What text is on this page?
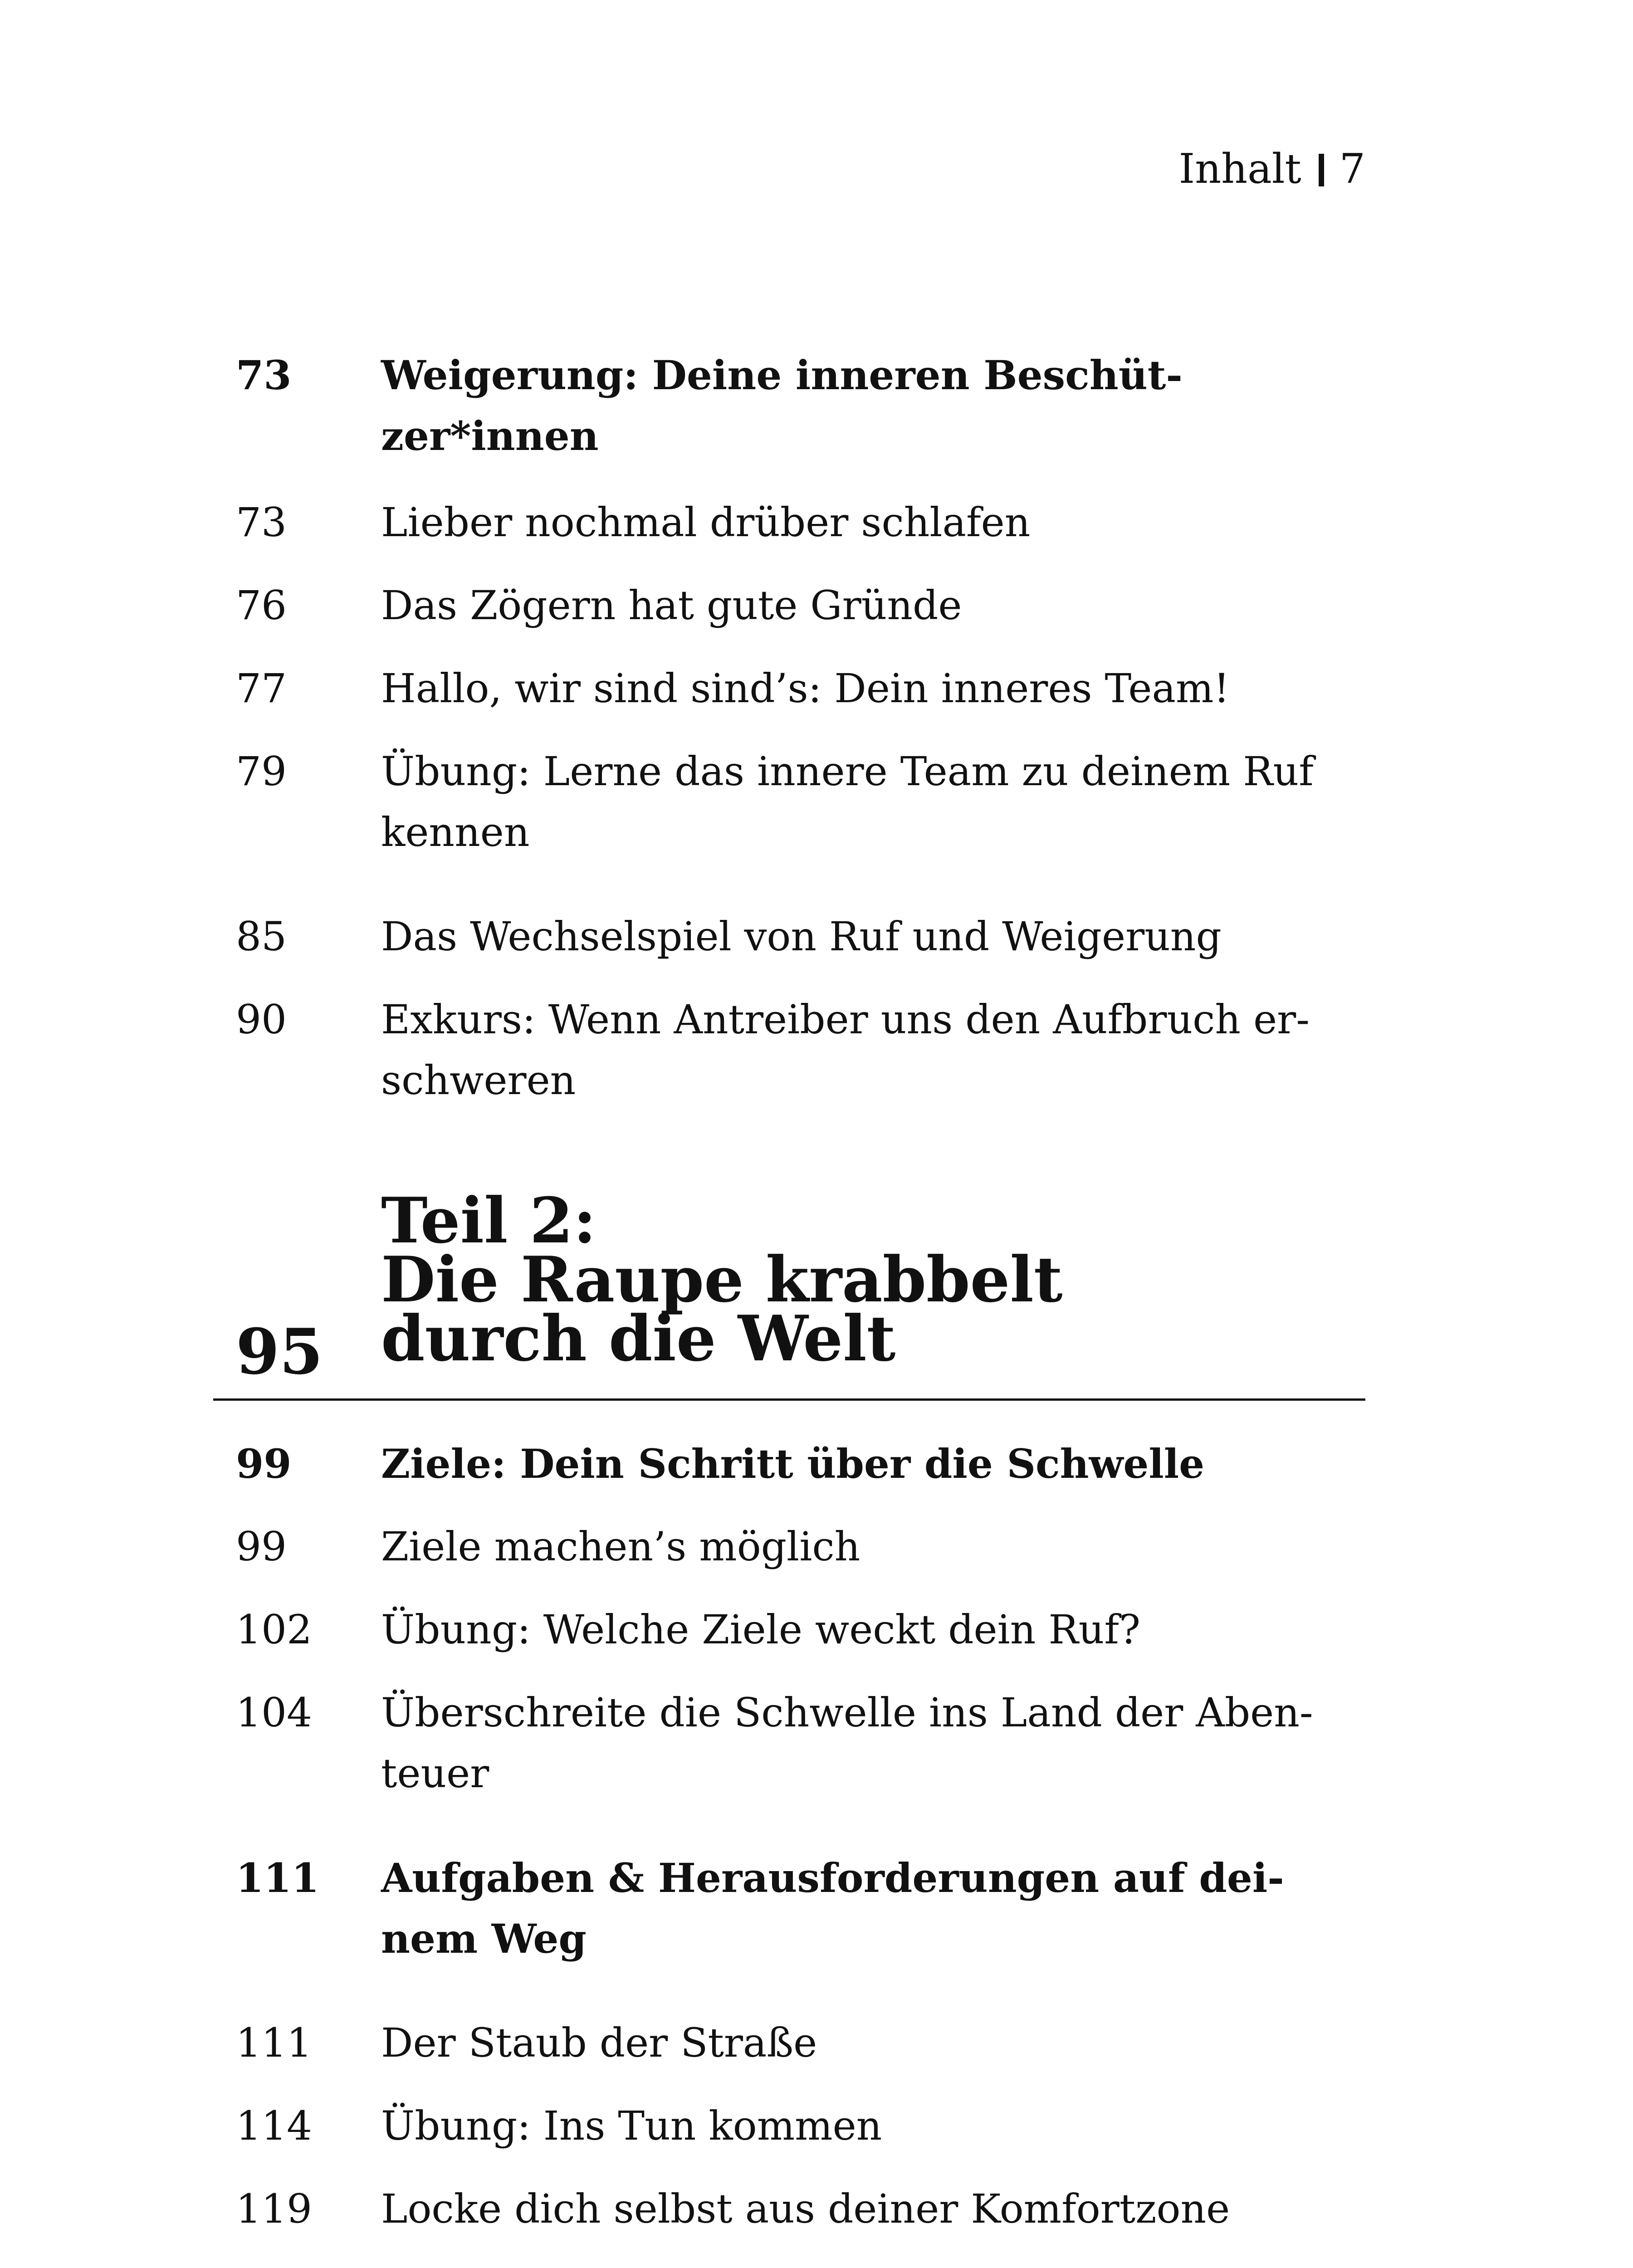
Inhalt 7
73 Weigerung: Deine inneren Beschüt-
zer*innen
73 Lieber nochmal drüber schlafen
76 Das Zögern hat gute Gründe
77 Hallo, wir sind sind’s: Dein inneres Team!
79 Übung: Lerne das innere Team zu deinem Ruf
kennen
85 Das Wechselspiel von Ruf und Weigerung
90 Exkurs: Wenn Antreiber uns den Aufbruch er-
schweren
95
Teil 2:
Die Raupe krabbelt
durch die Welt
99 Ziele: Dein Schritt über die Schwelle
99 Ziele machen’s möglich
102 Übung: Welche Ziele weckt dein Ruf?
104 Überschreite die Schwelle ins Land der Aben-
teuer
111 Aufgaben & Herausforderungen auf dei-
nem Weg
111 Der Staub der Straße
114 Übung: Ins Tun kommen
119 Locke dich selbst aus deiner Komfortzone
